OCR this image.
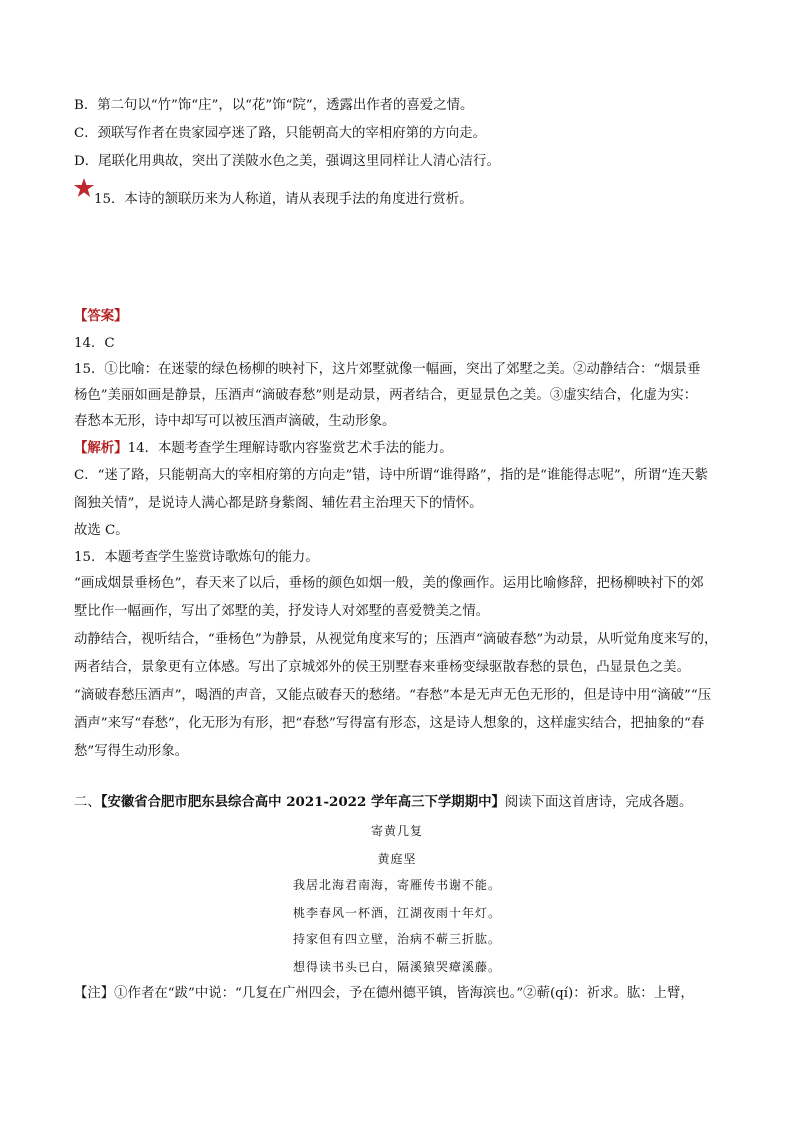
B．第二句以“竹”饰“庄”，以“花”饰“院”，透露出作者的喜爱之情。
C．颈联写作者在贵家园亭迷了路，只能朝高大的宰相府第的方向走。
D．尾联化用典故，突出了渼陂水色之美，强调这里同样让人清心洁行。
15．本诗的颔联历来为人称道，请从表现手法的角度进行赏析。
【答案】
14．C
15．①比喻：在迷蒙的绿色杨柳的映衬下，这片郊墅就像一幅画，突出了郊墅之美。②动静结合：“烟景垂
杨色”美丽如画是静景，压酒声“滴破春愁”则是动景，两者结合，更显景色之美。③虚实结合，化虚为实：
春愁本无形，诗中却写可以被压酒声滴破，生动形象。
【解析】14．本题考查学生理解诗歌内容鉴赏艺术手法的能力。
C．“迷了路，只能朝高大的宰相府第的方向走”错，诗中所谓“谁得路”，指的是“谁能得志呢”，所谓“连天紫
阁独关情”，是说诗人满心都是跻身紫阁、辅佐君主治理天下的情怀。
故选 C。
15．本题考查学生鉴赏诗歌炼句的能力。
“画成烟景垂杨色”，春天来了以后，垂杨的颜色如烟一般，美的像画作。运用比喻修辞，把杨柳映衬下的郊
墅比作一幅画作，写出了郊墅的美，抒发诗人对郊墅的喜爱赞美之情。
动静结合，视听结合，“垂杨色”为静景，从视觉角度来写的；压酒声“滴破春愁”为动景，从听觉角度来写的，
两者结合，景象更有立体感。写出了京城郊外的侯王别墅春来垂杨变绿驱散春愁的景色，凸显景色之美。
“滴破春愁压酒声”，喝酒的声音，又能点破春天的愁绪。“春愁”本是无声无色无形的，但是诗中用“滴破”“压
酒声”来写“春愁”，化无形为有形，把“春愁”写得富有形态，这是诗人想象的，这样虚实结合，把抽象的“春
愁”写得生动形象。
二、【安徽省合肥市肥东县综合高中 2021-2022 学年高三下学期期中】阅读下面这首唐诗，完成各题。
寄黄几复
黄庭坚
我居北海君南海，寄雁传书谢不能。
桃李春风一杯酒，江湖夜雨十年灯。
持家但有四立壁，治病不蕲三折肱。
想得读书头已白，隔溪猿哭瘴溪藤。
【注】①作者在“跋”中说：“几复在广州四会，予在德州德平镇，皆海滨也。”②蕲(qí)：祈求。肱：上臂，
